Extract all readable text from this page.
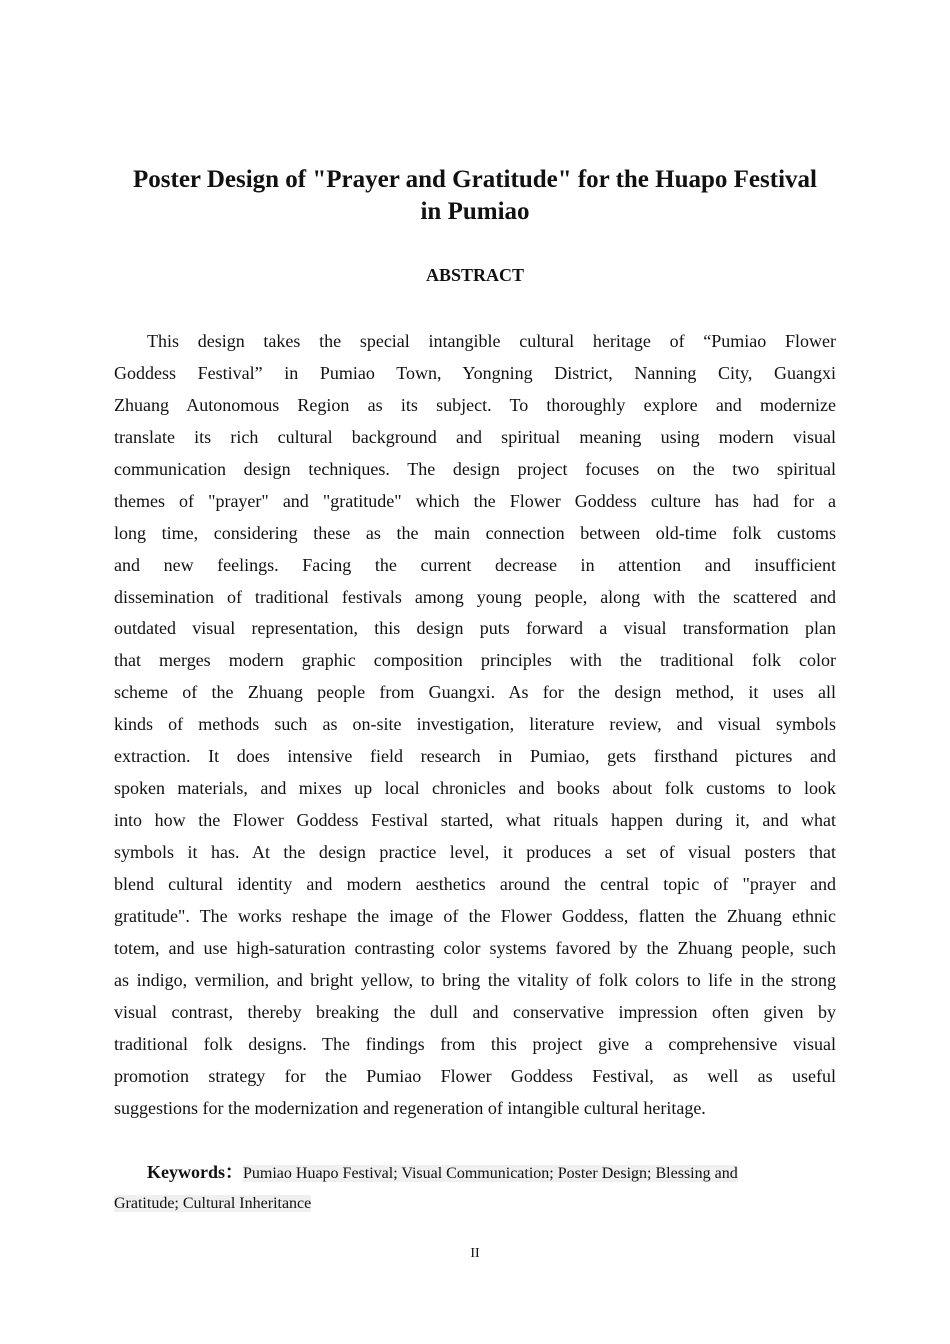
Poster Design of "Prayer and Gratitude" for the Huapo Festival
in Pumiao
ABSTRACT
This design takes the special intangible cultural heritage of “Pumiao Flower
Goddess Festival” in Pumiao Town, Yongning District, Nanning City, Guangxi
Zhuang Autonomous Region as its subject. To thoroughly explore and modernize
translate its rich cultural background and spiritual meaning using modern visual
communication design techniques. The design project focuses on the two spiritual
themes of "prayer" and "gratitude" which the Flower Goddess culture has had for a
long time, considering these as the main connection between old-time folk customs
and new feelings. Facing the current decrease in attention and insufficient
dissemination of traditional festivals among young people, along with the scattered and
outdated visual representation, this design puts forward a visual transformation plan
that merges modern graphic composition principles with the traditional folk color
scheme of the Zhuang people from Guangxi. As for the design method, it uses all
kinds of methods such as on-site investigation, literature review, and visual symbols
extraction. It does intensive field research in Pumiao, gets firsthand pictures and
spoken materials, and mixes up local chronicles and books about folk customs to look
into how the Flower Goddess Festival started, what rituals happen during it, and what
symbols it has. At the design practice level, it produces a set of visual posters that
blend cultural identity and modern aesthetics around the central topic of "prayer and
gratitude". The works reshape the image of the Flower Goddess, flatten the Zhuang ethnic
totem, and use high-saturation contrasting color systems favored by the Zhuang people, such
as indigo, vermilion, and bright yellow, to bring the vitality of folk colors to life in the strong
visual contrast, thereby breaking the dull and conservative impression often given by
traditional folk designs. The findings from this project give a comprehensive visual
promotion strategy for the Pumiao Flower Goddess Festival, as well as useful
suggestions for the modernization and regeneration of intangible cultural heritage.
Keywords：Pumiao Huapo Festival; Visual Communication; Poster Design; Blessing and
Gratitude; Cultural Inheritance
II
